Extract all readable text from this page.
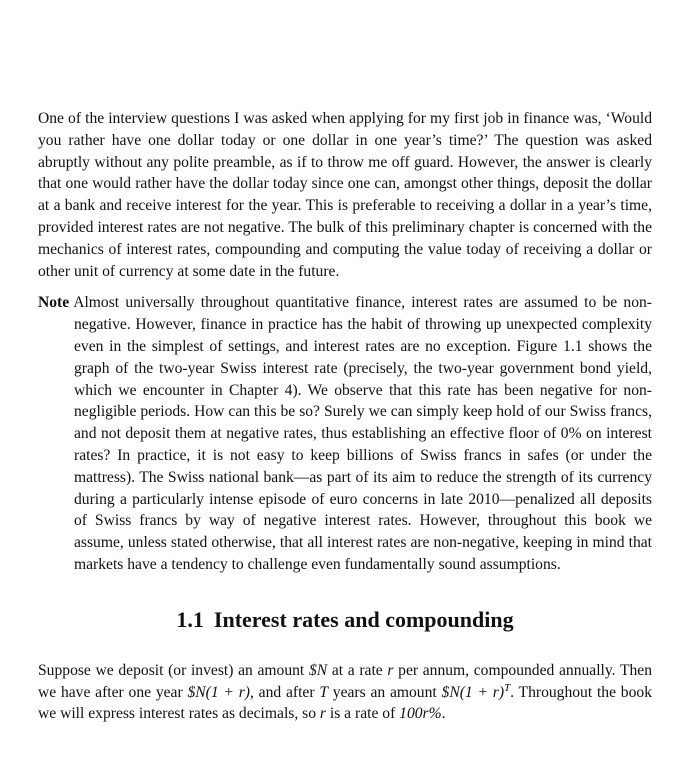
One of the interview questions I was asked when applying for my first job in finance was, ‘Would you rather have one dollar today or one dollar in one year’s time?’ The question was asked abruptly without any polite preamble, as if to throw me off guard. However, the answer is clearly that one would rather have the dollar today since one can, amongst other things, deposit the dollar at a bank and receive interest for the year. This is preferable to receiving a dollar in a year’s time, provided interest rates are not negative. The bulk of this preliminary chapter is concerned with the mechanics of interest rates, compounding and computing the value today of receiving a dollar or other unit of currency at some date in the future.

Note Almost universally throughout quantitative finance, interest rates are assumed to be non-negative. However, finance in practice has the habit of throwing up unexpected complexity even in the simplest of settings, and interest rates are no exception. Figure 1.1 shows the graph of the two-year Swiss interest rate (precisely, the two-year government bond yield, which we encounter in Chapter 4). We observe that this rate has been negative for non-negligible periods. How can this be so? Surely we can simply keep hold of our Swiss francs, and not deposit them at negative rates, thus establishing an effective floor of 0% on interest rates? In practice, it is not easy to keep billions of Swiss francs in safes (or under the mattress). The Swiss national bank—as part of its aim to reduce the strength of its currency during a particularly intense episode of euro concerns in late 2010—penalized all deposits of Swiss francs by way of negative interest rates. However, throughout this book we assume, unless stated otherwise, that all interest rates are non-negative, keeping in mind that markets have a tendency to challenge even fundamentally sound assumptions.

1.1 Interest rates and compounding

Suppose we deposit (or invest) an amount $N at a rate r per annum, compounded annually. Then we have after one year $N(1 + r), and after T years an amount $N(1 + r)$^T$. Throughout the book we will express interest rates as decimals, so r is a rate of 100r%.
